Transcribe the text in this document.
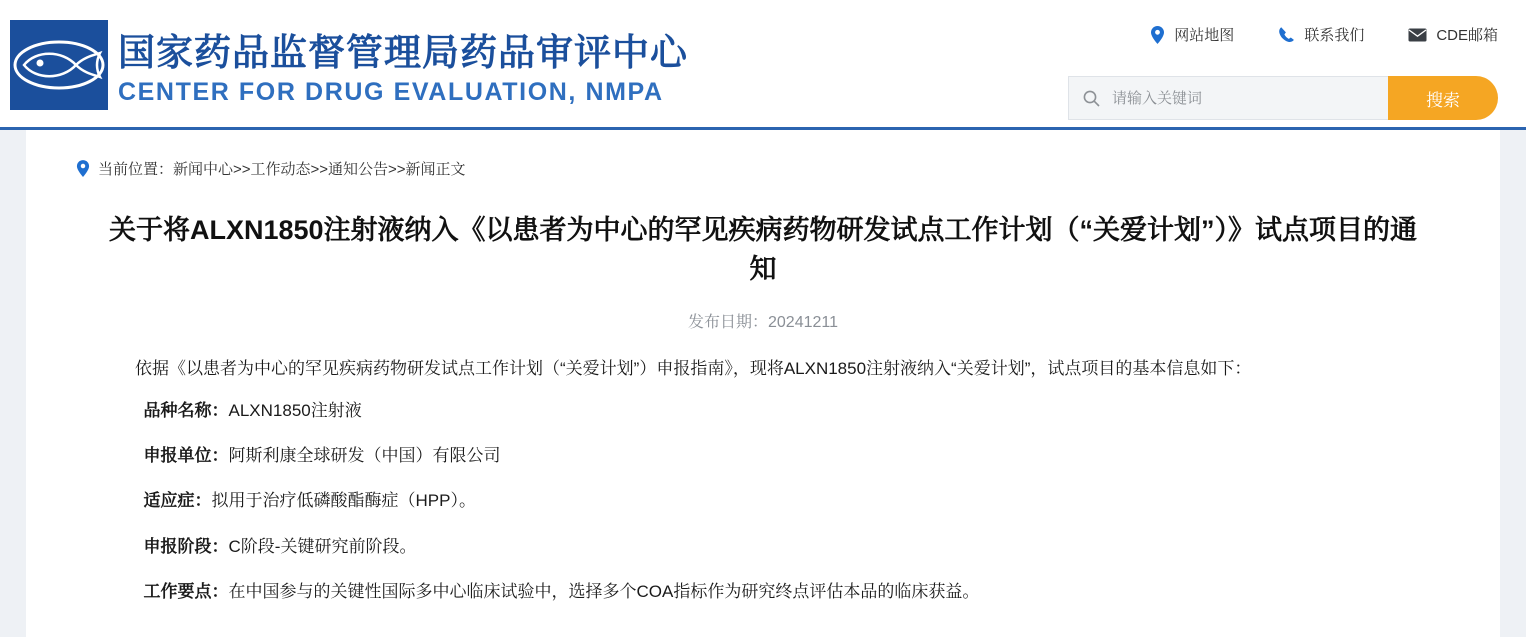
国家药品监督管理局药品审评中心
CENTER FOR DRUG EVALUATION, NMPA
网站地图	联系我们	CDE邮箱
请输入关键词
搜索
当前位置：新闻中心>>工作动态>>通知公告>>新闻正文
关于将ALXN1850注射液纳入《以患者为中心的罕见疾病药物研发试点工作计划（“关爱计划”）》试点项目的通知
发布日期：20241211
依据《以患者为中心的罕见疾病药物研发试点工作计划（“关爱计划”）申报指南》，现将ALXN1850注射液纳入“关爱计划”，试点项目的基本信息如下：
品种名称：ALXN1850注射液
申报单位：阿斯利康全球研发（中国）有限公司
适应症：拟用于治疗低磷酸酯酶症（HPP）。
申报阶段：C阶段-关键研究前阶段。
工作要点：在中国参与的关键性国际多中心临床试验中，选择多个COA指标作为研究终点评估本品的临床获益。
